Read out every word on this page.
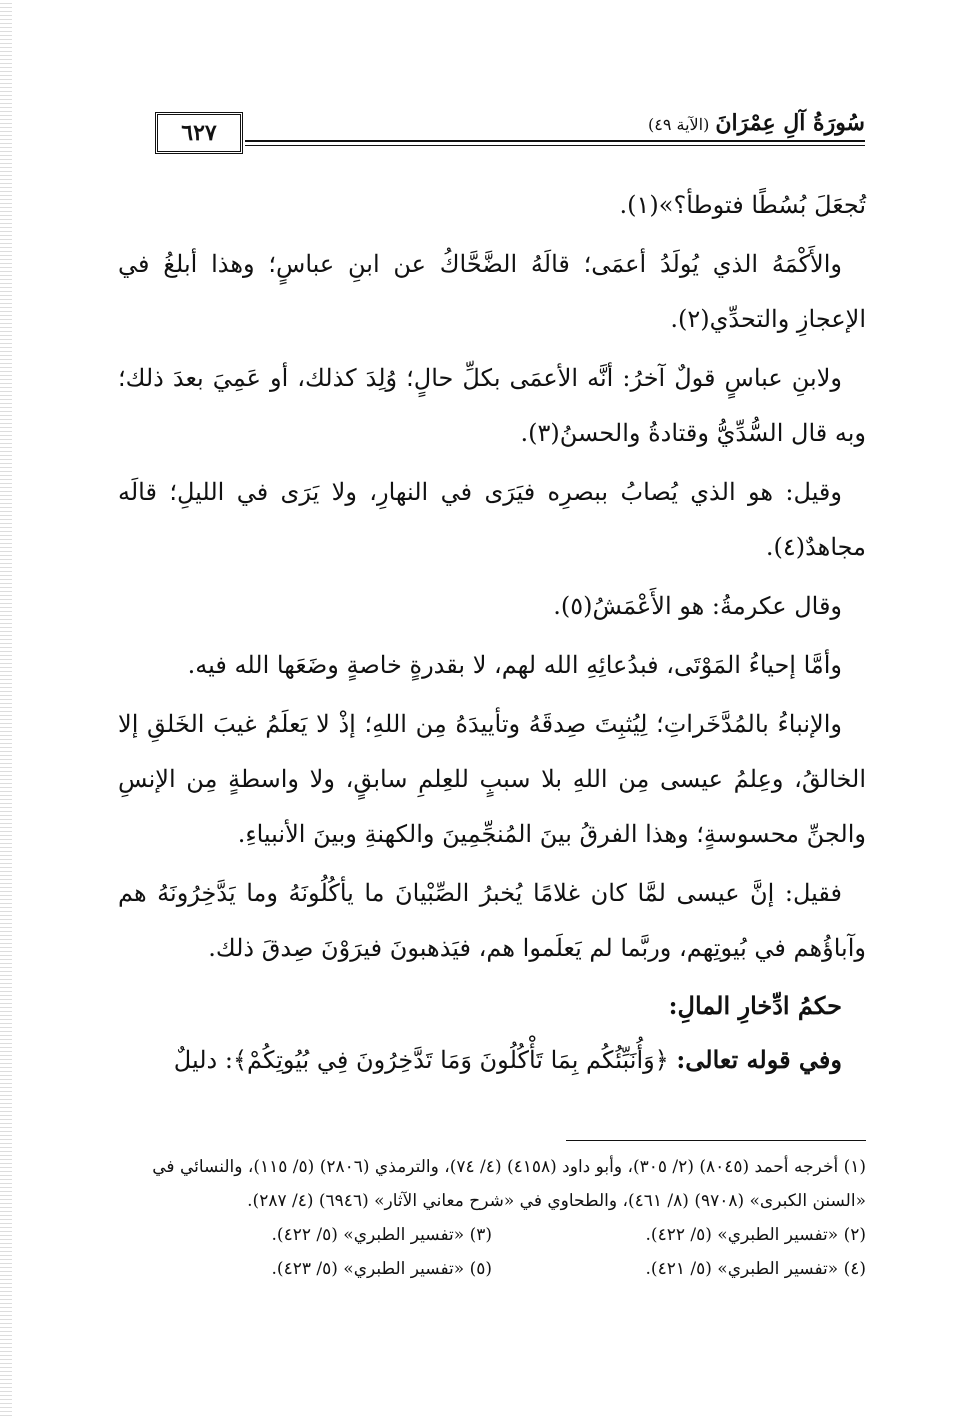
٦٢٧	سُورَةُ آلِ عِمْرَانَ(الآية ٤٩)

تُجعَلَ بُسُطًا فتوطأ؟»(١).

والأَكْمَهُ الذي يُولَدُ أعمَى؛ قالَهُ الضَّحَّاكُ عن ابنِ عباسٍ؛ وهذا أبلغُ في الإعجازِ والتحدِّي(٢).

ولابنِ عباسٍ قولٌ آخرُ: أنَّه الأعمَى بكلِّ حالٍ؛ وُلِدَ كذلك، أو عَمِيَ بعدَ ذلك؛ وبه قال السُّدِّيُّ وقتادةُ والحسنُ(٣).

وقيل: هو الذي يُصابُ ببصرِه فيَرَى في النهارِ، ولا يَرَى في الليلِ؛ قالَه مجاهدٌ(٤).

وقال عكرمةُ: هو الأَعْمَشُ(٥).

وأمَّا إحياءُ المَوْتَى، فبدُعائِهِ الله لهم، لا بقدرةٍ خاصةٍ وضَعَها الله فيه.

والإنباءُ بالمُدَّخَراتِ؛ لِيُثبِتَ صِدقَهُ وتأييدَهُ مِن اللهِ؛ إذْ لا يَعلَمُ غيبَ الخَلقِ إلا الخالقُ، وعِلمُ عيسى مِن اللهِ بلا سببٍ للعِلمِ سابقٍ، ولا واسطةٍ مِن الإنسِ والجنِّ محسوسةٍ؛ وهذا الفرقُ بينَ المُنجِّمِينَ والكهنةِ وبينَ الأنبياءِ.

فقيل: إنَّ عيسى لمَّا كان غلامًا يُخبرُ الصِّبْيانَ ما يأكُلُونَهُ وما يَدَّخِرُونَهُ هم وآباؤُهم في بُيوتِهم، وربَّما لم يَعلَموا هم، فيَذهبونَ فيرَوْنَ صِدقَ ذلك.

حكمُ ادِّخارِ المالِ:

وفي قوله تعالى: ﴿وَأُنَبِّئُكُم بِمَا تَأْكُلُونَ وَمَا تَدَّخِرُونَ فِي بُيُوتِكُمْ﴾: دليلٌ

(١) أخرجه أحمد (٨٠٤٥) (٢/ ٣٠٥)، وأبو داود (٤١٥٨) (٤/ ٧٤)، والترمذي (٢٨٠٦) (٥/ ١١٥)، والنسائي في «السنن الكبرى» (٩٧٠٨) (٨/ ٤٦١)، والطحاوي في «شرح معاني الآثار» (٦٩٤٦) (٤/ ٢٨٧).

(٢) «تفسير الطبري» (٥/ ٤٢٢).
(٣) «تفسير الطبري» (٥/ ٤٢٢).
(٤) «تفسير الطبري» (٥/ ٤٢١).
(٥) «تفسير الطبري» (٥/ ٤٢٣).
